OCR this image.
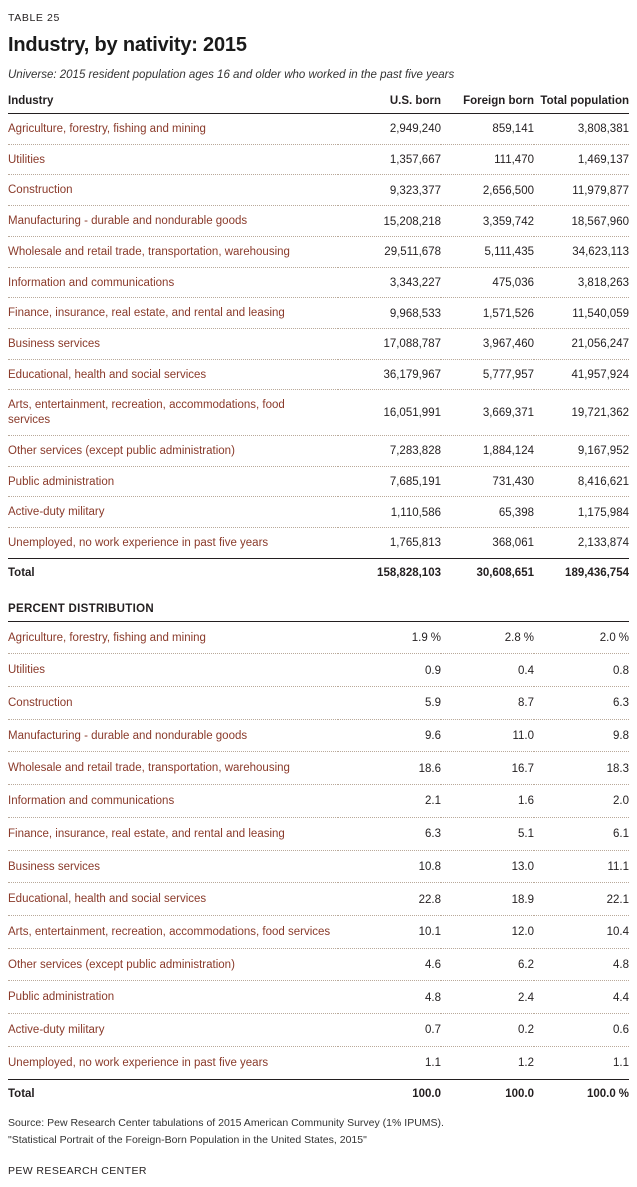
TABLE 25
Industry, by nativity: 2015
Universe: 2015 resident population ages 16 and older who worked in the past five years
Industry	U.S. born	Foreign born	Total population
Agriculture, forestry, fishing and mining	2,949,240	859,141	3,808,381
Utilities	1,357,667	111,470	1,469,137
Construction	9,323,377	2,656,500	11,979,877
Manufacturing - durable and nondurable goods	15,208,218	3,359,742	18,567,960
Wholesale and retail trade, transportation, warehousing	29,511,678	5,111,435	34,623,113
Information and communications	3,343,227	475,036	3,818,263
Finance, insurance, real estate, and rental and leasing	9,968,533	1,571,526	11,540,059
Business services	17,088,787	3,967,460	21,056,247
Educational, health and social services	36,179,967	5,777,957	41,957,924
Arts, entertainment, recreation, accommodations, food services	16,051,991	3,669,371	19,721,362
Other services (except public administration)	7,283,828	1,884,124	9,167,952
Public administration	7,685,191	731,430	8,416,621
Active-duty military	1,110,586	65,398	1,175,984
Unemployed, no work experience in past five years	1,765,813	368,061	2,133,874
Total	158,828,103	30,608,651	189,436,754
PERCENT DISTRIBUTION
Agriculture, forestry, fishing and mining	1.9 %	2.8 %	2.0 %
Utilities	0.9	0.4	0.8
Construction	5.9	8.7	6.3
Manufacturing - durable and nondurable goods	9.6	11.0	9.8
Wholesale and retail trade, transportation, warehousing	18.6	16.7	18.3
Information and communications	2.1	1.6	2.0
Finance, insurance, real estate, and rental and leasing	6.3	5.1	6.1
Business services	10.8	13.0	11.1
Educational, health and social services	22.8	18.9	22.1
Arts, entertainment, recreation, accommodations, food services	10.1	12.0	10.4
Other services (except public administration)	4.6	6.2	4.8
Public administration	4.8	2.4	4.4
Active-duty military	0.7	0.2	0.6
Unemployed, no work experience in past five years	1.1	1.2	1.1
Total	100.0	100.0	100.0 %
Source: Pew Research Center tabulations of 2015 American Community Survey (1% IPUMS).
"Statistical Portrait of the Foreign-Born Population in the United States, 2015"
PEW RESEARCH CENTER
